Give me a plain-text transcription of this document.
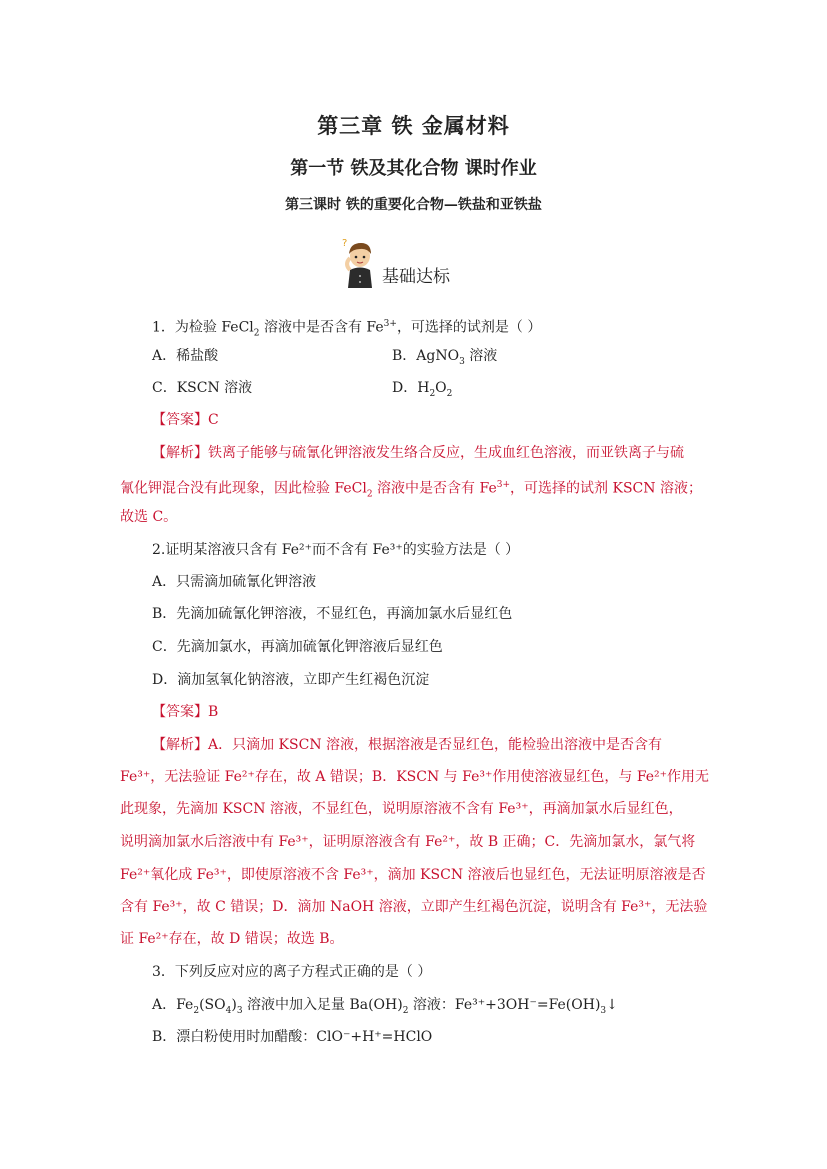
第三章 铁 金属材料
第一节 铁及其化合物 课时作业
第三课时 铁的重要化合物—铁盐和亚铁盐
?
基础达标
1．为检验 FeCl$_2$ 溶液中是否含有 $Fe^{3+}$，可选择的试剂是（ ）
A．稀盐酸	B．AgNO$_3$ 溶液
C．KSCN 溶液	D．$H_2O_2$
【答案】C
【解析】铁离子能够与硫氰化钾溶液发生络合反应，生成血红色溶液，而亚铁离子与硫
氰化钾混合没有此现象，因此检验 FeCl$_2$ 溶液中是否含有 $Fe^{3+}$，可选择的试剂 KSCN 溶液；
故选 C。
2.证明某溶液只含有 Fe²⁺而不含有 Fe³⁺的实验方法是（ ）
A．只需滴加硫氰化钾溶液
B．先滴加硫氰化钾溶液，不显红色，再滴加氯水后显红色
C．先滴加氯水，再滴加硫氰化钾溶液后显红色
D．滴加氢氧化钠溶液，立即产生红褐色沉淀
【答案】B
【解析】A．只滴加 KSCN 溶液，根据溶液是否显红色，能检验出溶液中是否含有
Fe³⁺，无法验证 Fe²⁺存在，故 A 错误；B．KSCN 与 Fe³⁺作用使溶液显红色，与 Fe²⁺作用无
此现象，先滴加 KSCN 溶液，不显红色，说明原溶液不含有 Fe³⁺，再滴加氯水后显红色，
说明滴加氯水后溶液中有 Fe³⁺，证明原溶液含有 Fe²⁺，故 B 正确；C．先滴加氯水，氯气将
Fe²⁺氧化成 Fe³⁺，即使原溶液不含 Fe³⁺，滴加 KSCN 溶液后也显红色，无法证明原溶液是否
含有 Fe³⁺，故 C 错误；D．滴加 NaOH 溶液，立即产生红褐色沉淀，说明含有 Fe³⁺，无法验
证 Fe²⁺存在，故 D 错误；故选 B。
3．下列反应对应的离子方程式正确的是（ ）
A．$Fe_2(SO_4)_3$ 溶液中加入足量 $Ba(OH)_2$ 溶液：$Fe^{3+}+3OH^-=Fe(OH)_3↓$
B．漂白粉使用时加醋酸：ClO⁻+H⁺=HClO
